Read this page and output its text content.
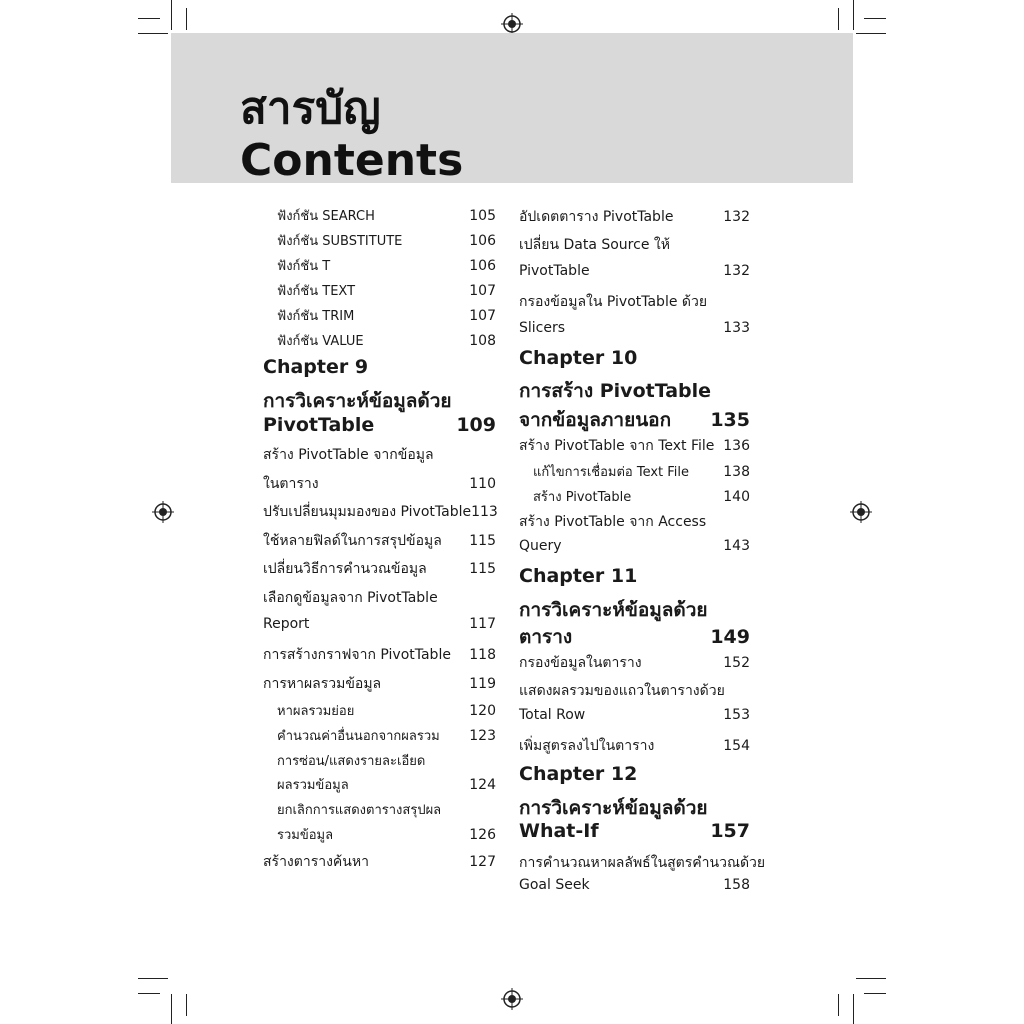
สารบัญ
Contents
ฟังก์ชัน SEARCH	105
ฟังก์ชัน SUBSTITUTE	106
ฟังก์ชัน T	106
ฟังก์ชัน TEXT	107
ฟังก์ชัน TRIM	107
ฟังก์ชัน VALUE	108
Chapter 9
การวิเคราะห์ข้อมูลด้วย
PivotTable	109
สร้าง PivotTable จากข้อมูล
ในตาราง	110
ปรับเปลี่ยนมุมมองของ PivotTable 113
ใช้หลายฟิลด์ในการสรุปข้อมูล 115
เปลี่ยนวิธีการคำนวณข้อมูล	115
เลือกดูข้อมูลจาก PivotTable
Report	117
การสร้างกราฟจาก PivotTable 118
การหาผลรวมข้อมูล	119
หาผลรวมย่อย	120
คำนวณค่าอื่นนอกจากผลรวม 123
การซ่อน/แสดงรายละเอียด
ผลรวมข้อมูล	124
ยกเลิกการแสดงตารางสรุปผล
รวมข้อมูล	126
สร้างตารางค้นหา	127
อัปเดตตาราง PivotTable	132
เปลี่ยน Data Source ให้
PivotTable	132
กรองข้อมูลใน PivotTable ด้วย
Slicers	133
Chapter 10
การสร้าง PivotTable
จากข้อมูลภายนอก 135
สร้าง PivotTable จาก Text File 136
แก้ไขการเชื่อมต่อ Text File 138
สร้าง PivotTable	140
สร้าง PivotTable จาก Access
Query	143
Chapter 11
การวิเคราะห์ข้อมูลด้วย
ตาราง	149
กรองข้อมูลในตาราง	152
แสดงผลรวมของแถวในตารางด้วย
Total Row	153
เพิ่มสูตรลงไปในตาราง	154
Chapter 12
การวิเคราะห์ข้อมูลด้วย
What-If	157
การคำนวณหาผลลัพธ์ในสูตรคำนวณด้วย
Goal Seek	158
